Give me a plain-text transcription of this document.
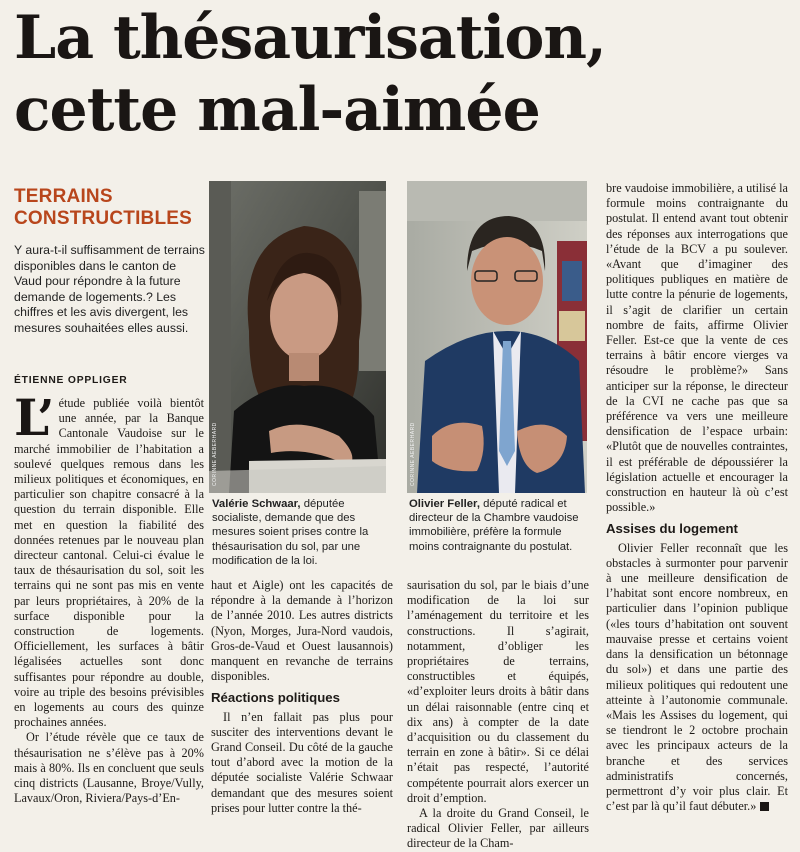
La thésaurisation,
cette mal-aimée
TERRAINS
CONSTRUCTIBLES
Y aura-t-il suffisamment de terrains disponibles dans le canton de Vaud pour répondre à la future demande de logements.? Les chiffres et les avis divergent, les mesures souhaitées elles aussi.
ÉTIENNE OPPLIGER
CORINNE AEBERHARD	CORINNE AEBERHARD
Valérie Schwaar, députée socialiste, demande que des mesures soient prises contre la thésaurisation du sol, par une modification de la loi.
Olivier Feller, député radical et directeur de la Chambre vaudoise immobilière, préfère la formule moins contraignante du postulat.

L’ étude publiée voilà bientôt une année, par la Banque Cantonale Vaudoise sur le marché immobilier de l’habitation a soulevé quelques remous dans les milieux politiques et économiques, en particulier son chapitre consacré à la question du terrain disponible. Elle met en question la fiabilité des données retenues par le nouveau plan directeur cantonal. Celui-ci évalue le taux de thésaurisation du sol, soit les terrains qui ne sont pas mis en vente par leurs propriétaires, à 20% de la surface disponible pour la construction de logements. Officiellement, les surfaces à bâtir légalisées actuelles sont donc suffisantes pour répondre au double, voire au triple des besoins prévisibles en logements au cours des quinze prochaines années.

Or l’étude révèle que ce taux de thésaurisation ne s’élève pas à 20% mais à 80%. Ils en concluent que seuls cinq districts (Lausanne, Broye/Vully, Lavaux/Oron, Riviera/Pays-d’En-

haut et Aigle) ont les capacités de répondre à la demande à l’horizon de l’année 2010. Les autres districts (Nyon, Morges, Jura-Nord vaudois, Gros-de-Vaud et Ouest lausannois) manquent en revanche de terrains disponibles.

Réactions politiques

Il n’en fallait pas plus pour susciter des interventions devant le Grand Conseil. Du côté de la gauche tout d’abord avec la motion de la députée socialiste Valérie Schwaar demandant que des mesures soient prises pour lutter contre la thé-

saurisation du sol, par le biais d’une modification de la loi sur l’aménagement du territoire et les constructions. Il s’agirait, notamment, d’obliger les propriétaires de terrains, constructibles et équipés, «d’exploiter leurs droits à bâtir dans un délai raisonnable (entre cinq et dix ans) à compter de la date d’acquisition ou du classement du terrain en zone à bâtir». Si ce délai n’était pas respecté, l’autorité compétente pourrait alors exercer un droit d’emption.

A la droite du Grand Conseil, le radical Olivier Feller, par ailleurs directeur de la Cham-

bre vaudoise immobilière, a utilisé la formule moins contraignante du postulat. Il entend avant tout obtenir des réponses aux interrogations que l’étude de la BCV a pu soulever. «Avant que d’imaginer des politiques publiques en matière de lutte contre la pénurie de logements, il s’agit de clarifier un certain nombre de faits, affirme Olivier Feller. Est-ce que la vente de ces terrains à bâtir encore vierges va résoudre le problème?» Sans anticiper sur la réponse, le directeur de la CVI ne cache pas que sa préférence va vers une meilleure densification de l’espace urbain: «Plutôt que de nouvelles contraintes, il est préférable de dépoussiérer la législation actuelle et encourager la construction en hauteur là où c’est possible.»

Assises du logement

Olivier Feller reconnaît que les obstacles à surmonter pour parvenir à une meilleure densification de l’habitat sont encore nombreux, en particulier dans l’opinion publique («les tours d’habitation ont souvent mauvaise presse et certains voient dans la densification un bétonnage du sol») et dans une partie des milieux politiques qui redoutent une atteinte à l’autonomie communale. «Mais les Assises du logement, qui se tiendront le 2 octobre prochain avec les principaux acteurs de la branche et des services administratifs concernés, permettront d’y voir plus clair. Et c’est par là qu’il faut débuter.»
